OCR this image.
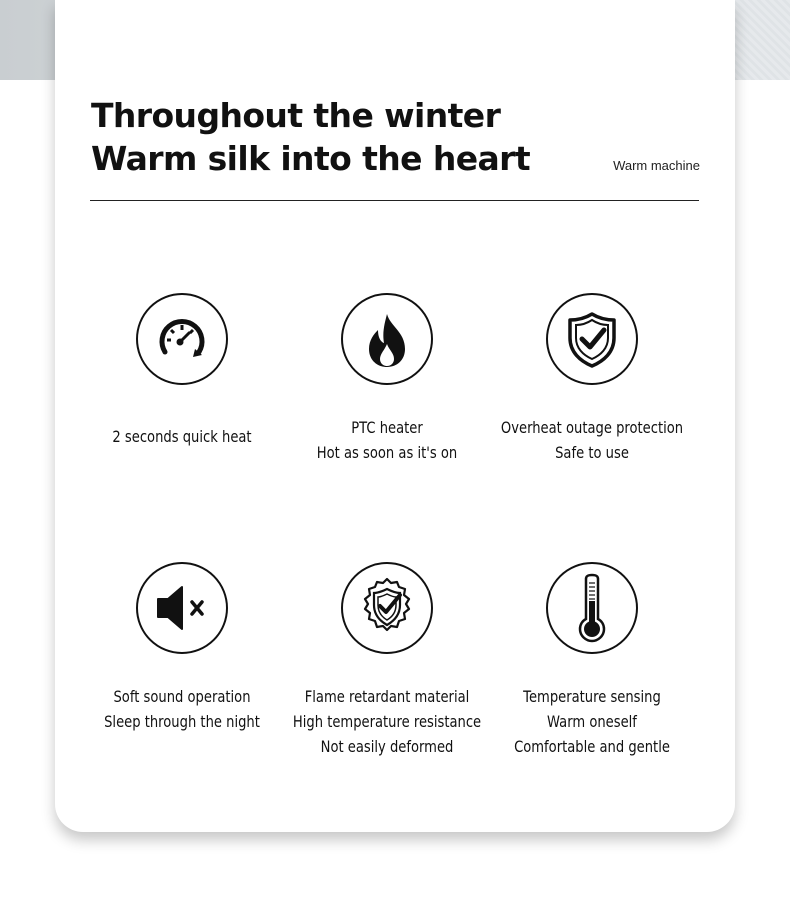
Throughout the winter
Warm silk into the heart	Warm machine
2 seconds quick heat	PTC heater
Hot as soon as it's on
Overheat outage protection
Safe to use
Soft sound operation
Sleep through the night
Flame retardant material
High temperature resistance
Not easily deformed
Temperature sensing
Warm oneself
Comfortable and gentle
